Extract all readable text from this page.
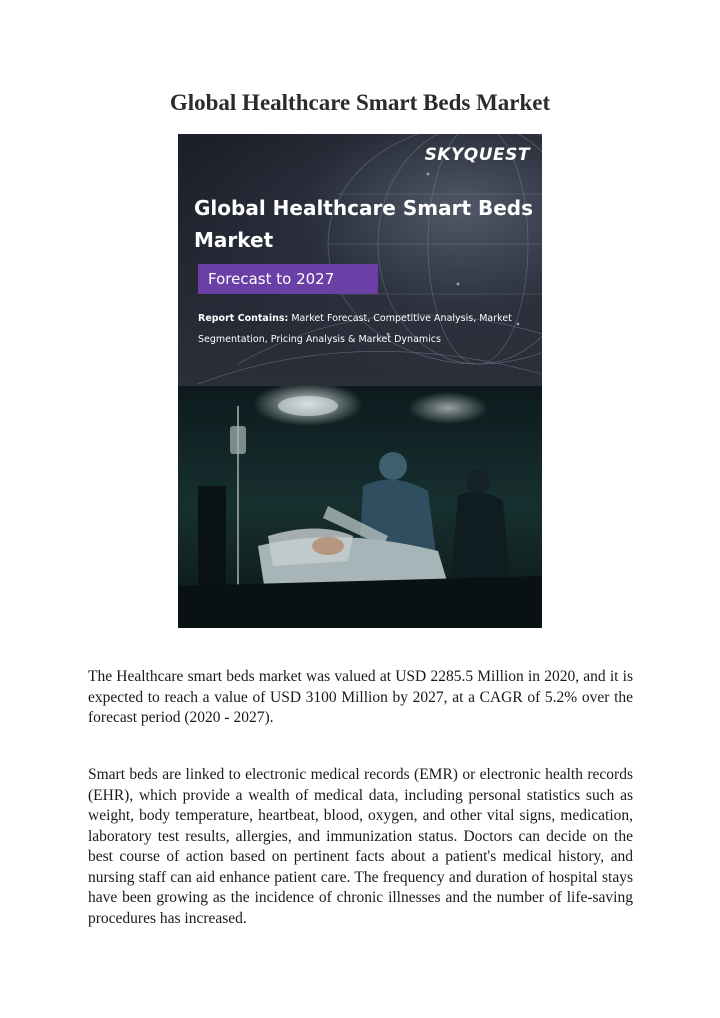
Global Healthcare Smart Beds Market
SKYQUEST
Global Healthcare Smart Beds
Market
Forecast to 2027
Report Contains: Market Forecast, Competitive Analysis, Market
Segmentation, Pricing Analysis & Market Dynamics

The Healthcare smart beds market was valued at USD 2285.5 Million in 2020, and it is expected to reach a value of USD 3100 Million by 2027, at a CAGR of 5.2% over the forecast period (2020 - 2027).

Smart beds are linked to electronic medical records (EMR) or electronic health records (EHR), which provide a wealth of medical data, including personal statistics such as weight, body temperature, heartbeat, blood, oxygen, and other vital signs, medication, laboratory test results, allergies, and immunization status. Doctors can decide on the best course of action based on pertinent facts about a patient's medical history, and nursing staff can aid enhance patient care. The frequency and duration of hospital stays have been growing as the incidence of chronic illnesses and the number of life-saving procedures has increased.
